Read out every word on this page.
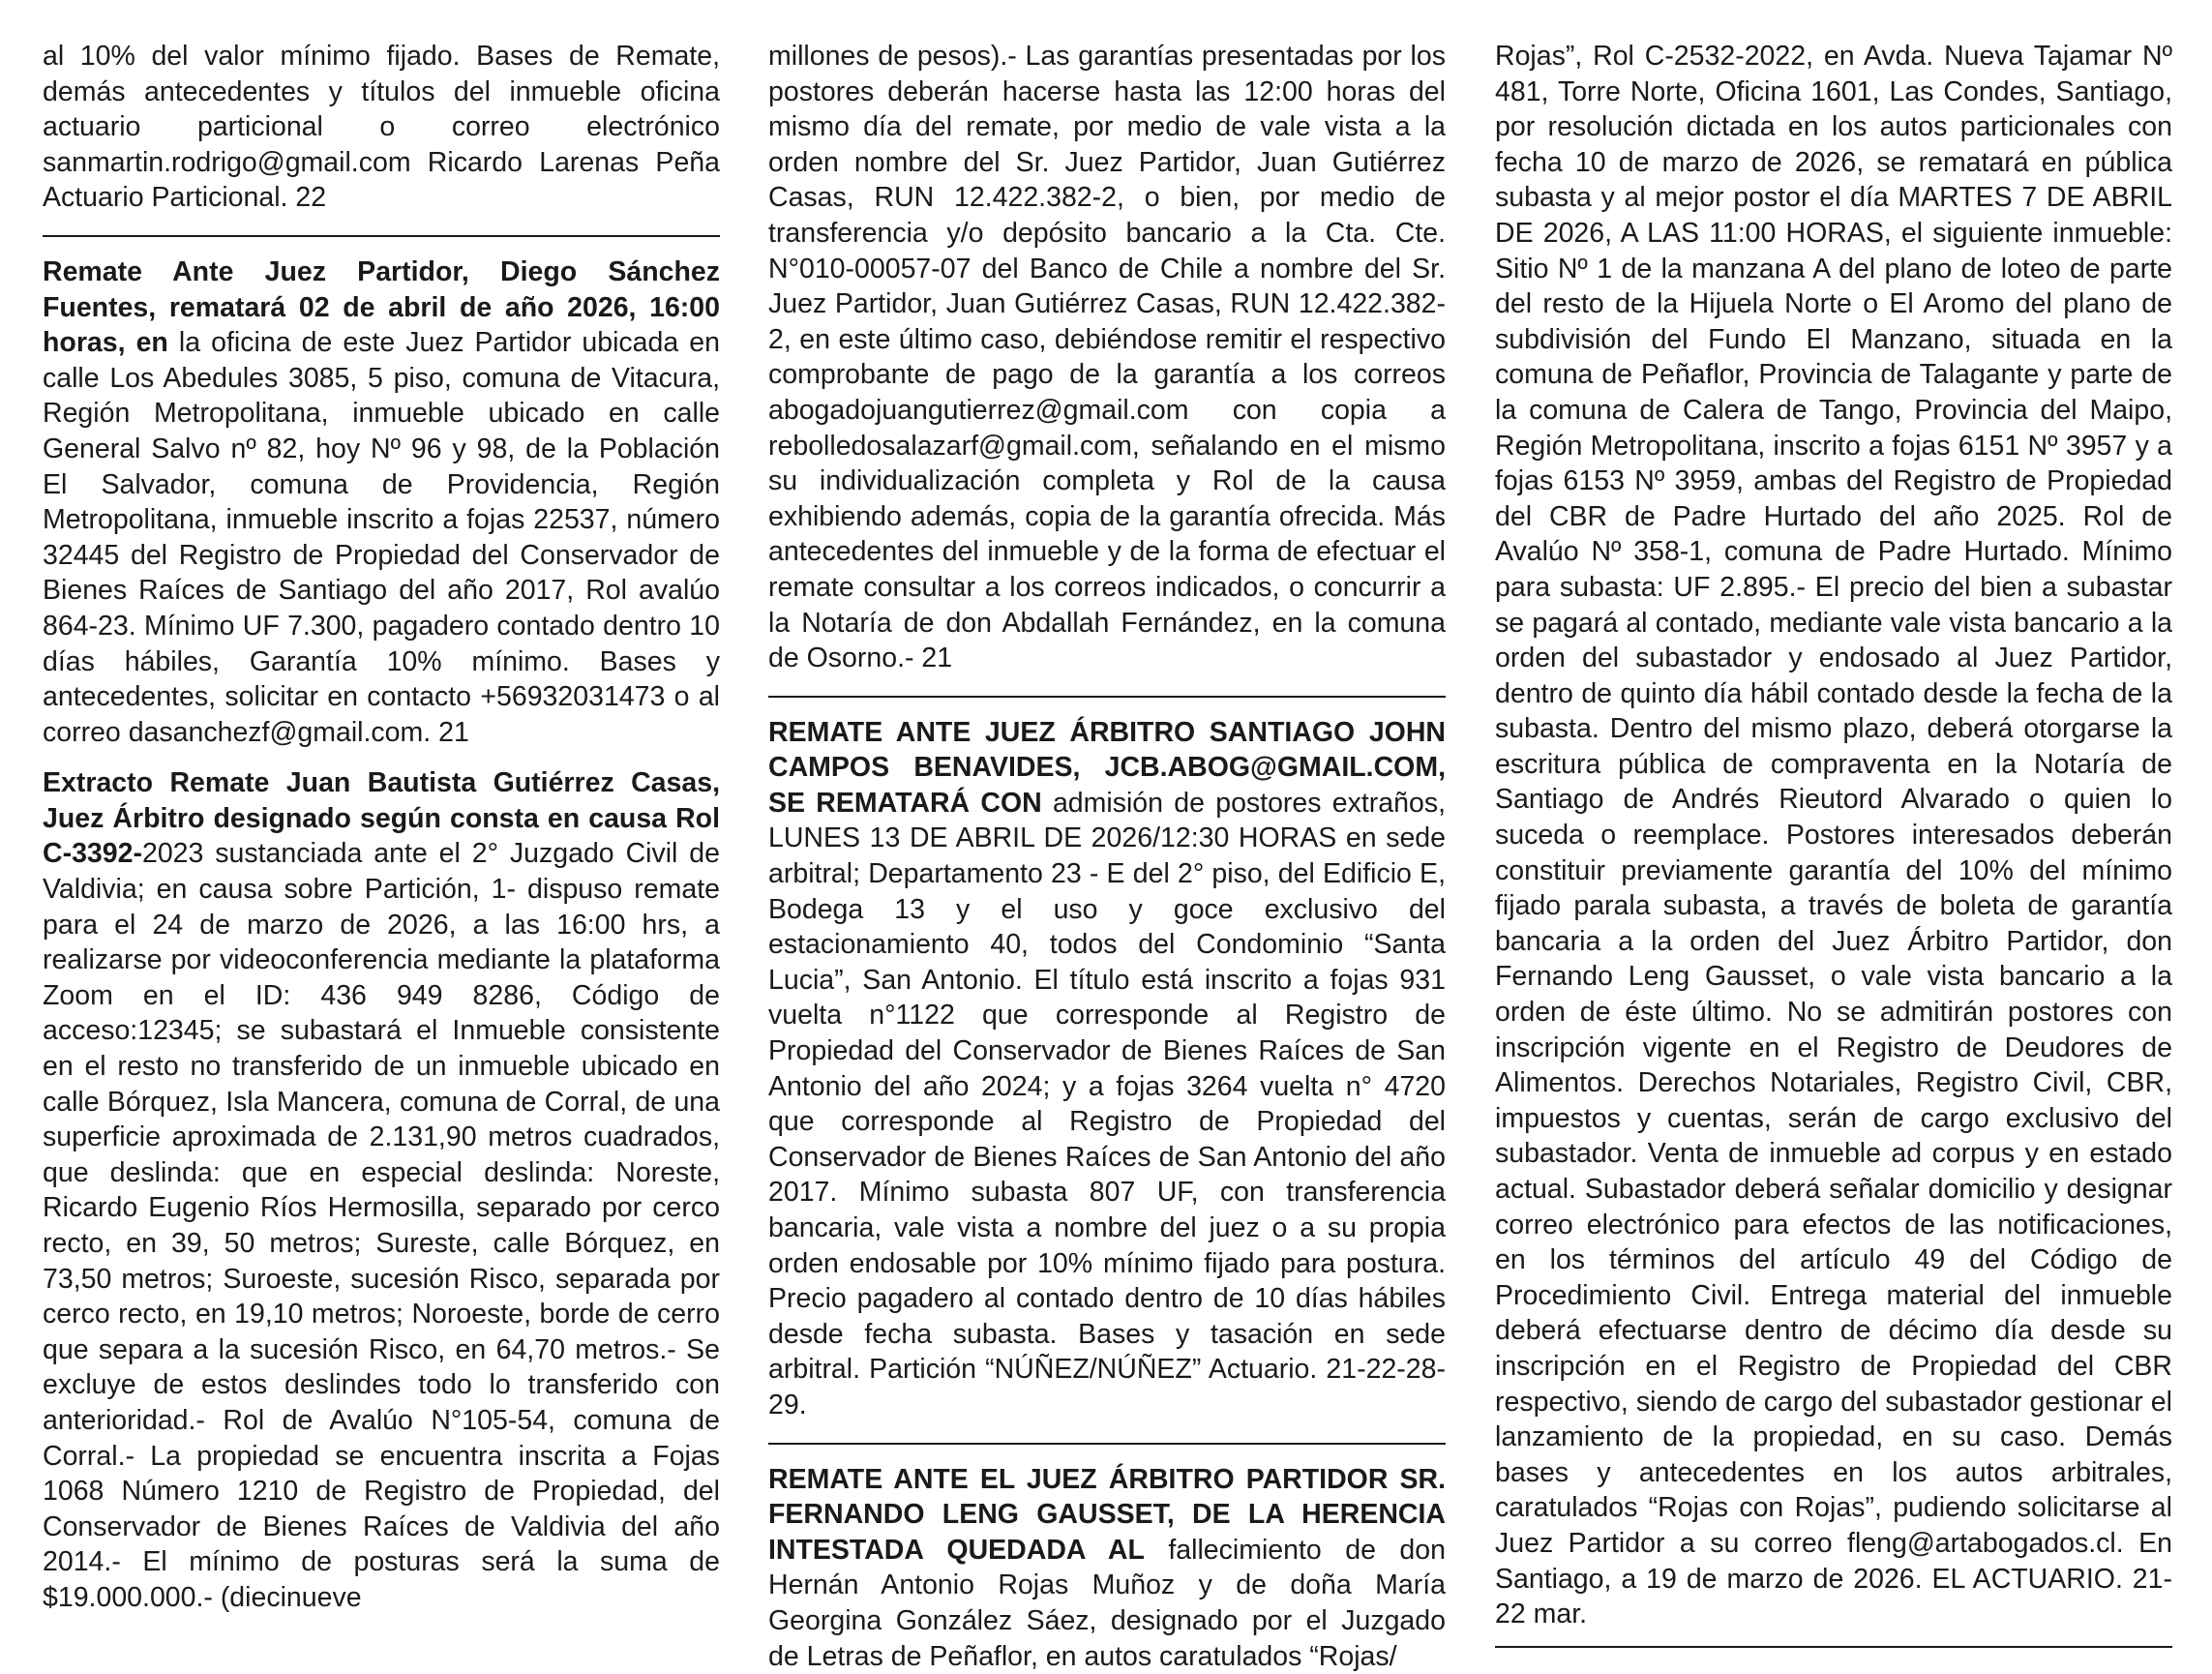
al 10% del valor mínimo fijado. Bases de Remate, demás antecedentes y títulos del inmueble oficina actuario particional o correo electrónico sanmartin.rodrigo@gmail.com Ricardo Larenas Peña Actuario Particional. 22

Remate Ante Juez Partidor, Diego Sánchez Fuentes, rematará 02 de abril de año 2026, 16:00 horas, en la oficina de este Juez Partidor ubicada en calle Los Abedules 3085, 5 piso, comuna de Vitacura, Región Metropolitana, inmueble ubicado en calle General Salvo nº 82, hoy Nº 96 y 98, de la Población El Salvador, comuna de Providencia, Región Metropolitana, inmueble inscrito a fojas 22537, número 32445 del Registro de Propiedad del Conservador de Bienes Raíces de Santiago del año 2017, Rol avalúo 864-23. Mínimo UF 7.300, pagadero contado dentro 10 días hábiles, Garantía 10% mínimo. Bases y antecedentes, solicitar en contacto +56932031473 o al correo dasanchezf@gmail.com. 21

Extracto Remate Juan Bautista Gutiérrez Casas, Juez Árbitro designado según consta en causa Rol C-3392-2023 sustanciada ante el 2° Juzgado Civil de Valdivia; en causa sobre Partición, 1- dispuso remate para el 24 de marzo de 2026, a las 16:00 hrs, a realizarse por videoconferencia mediante la plataforma Zoom en el ID: 436 949 8286, Código de acceso:12345; se subastará el Inmueble consistente en el resto no transferido de un inmueble ubicado en calle Bórquez, Isla Mancera, comuna de Corral, de una superficie aproximada de 2.131,90 metros cuadrados, que deslinda: que en especial deslinda: Noreste, Ricardo Eugenio Ríos Hermosilla, separado por cerco recto, en 39, 50 metros; Sureste, calle Bórquez, en 73,50 metros; Suroeste, sucesión Risco, separada por cerco recto, en 19,10 metros; Noroeste, borde de cerro que separa a la sucesión Risco, en 64,70 metros.- Se excluye de estos deslindes todo lo transferido con anterioridad.- Rol de Avalúo N°105-54, comuna de Corral.- La propiedad se encuentra inscrita a Fojas 1068 Número 1210 de Registro de Propiedad, del Conservador de Bienes Raíces de Valdivia del año 2014.- El mínimo de posturas será la suma de $19.000.000.- (diecinueve

millones de pesos).- Las garantías presentadas por los postores deberán hacerse hasta las 12:00 horas del mismo día del remate, por medio de vale vista a la orden nombre del Sr. Juez Partidor, Juan Gutiérrez Casas, RUN 12.422.382-2, o bien, por medio de transferencia y/o depósito bancario a la Cta. Cte. N°010-00057-07 del Banco de Chile a nombre del Sr. Juez Partidor, Juan Gutiérrez Casas, RUN 12.422.382-2, en este último caso, debiéndose remitir el respectivo comprobante de pago de la garantía a los correos abogadojuangutierrez@gmail.com con copia a rebolledosalazarf@gmail.com, señalando en el mismo su individualización completa y Rol de la causa exhibiendo además, copia de la garantía ofrecida. Más antecedentes del inmueble y de la forma de efectuar el remate consultar a los correos indicados, o concurrir a la Notaría de don Abdallah Fernández, en la comuna de Osorno.- 21

REMATE ANTE JUEZ ÁRBITRO SANTIAGO JOHN CAMPOS BENAVIDES, JCB.ABOG@GMAIL.COM, SE REMATARÁ CON admisión de postores extraños, LUNES 13 DE ABRIL DE 2026/12:30 HORAS en sede arbitral; Departamento 23 - E del 2° piso, del Edificio E, Bodega 13 y el uso y goce exclusivo del estacionamiento 40, todos del Condominio “Santa Lucia”, San Antonio. El título está inscrito a fojas 931 vuelta n°1122 que corresponde al Registro de Propiedad del Conservador de Bienes Raíces de San Antonio del año 2024; y a fojas 3264 vuelta n° 4720 que corresponde al Registro de Propiedad del Conservador de Bienes Raíces de San Antonio del año 2017. Mínimo subasta 807 UF, con transferencia bancaria, vale vista a nombre del juez o a su propia orden endosable por 10% mínimo fijado para postura. Precio pagadero al contado dentro de 10 días hábiles desde fecha subasta. Bases y tasación en sede arbitral. Partición “NÚÑEZ/NÚÑEZ” Actuario. 21-22-28-29.

REMATE ANTE EL JUEZ ÁRBITRO PARTIDOR SR. FERNANDO LENG GAUSSET, DE LA HERENCIA INTESTADA QUEDADA AL fallecimiento de don Hernán Antonio Rojas Muñoz y de doña María Georgina González Sáez, designado por el Juzgado de Letras de Peñaflor, en autos caratulados “Rojas/

Rojas”, Rol C-2532-2022, en Avda. Nueva Tajamar Nº 481, Torre Norte, Oficina 1601, Las Condes, Santiago, por resolución dictada en los autos particionales con fecha 10 de marzo de 2026, se rematará en pública subasta y al mejor postor el día MARTES 7 DE ABRIL DE 2026, A LAS 11:00 HORAS, el siguiente inmueble: Sitio Nº 1 de la manzana A del plano de loteo de parte del resto de la Hijuela Norte o El Aromo del plano de subdivisión del Fundo El Manzano, situada en la comuna de Peñaflor, Provincia de Talagante y parte de la comuna de Calera de Tango, Provincia del Maipo, Región Metropolitana, inscrito a fojas 6151 Nº 3957 y a fojas 6153 Nº 3959, ambas del Registro de Propiedad del CBR de Padre Hurtado del año 2025. Rol de Avalúo Nº 358-1, comuna de Padre Hurtado. Mínimo para subasta: UF 2.895.- El precio del bien a subastar se pagará al contado, mediante vale vista bancario a la orden del subastador y endosado al Juez Partidor, dentro de quinto día hábil contado desde la fecha de la subasta. Dentro del mismo plazo, deberá otorgarse la escritura pública de compraventa en la Notaría de Santiago de Andrés Rieutord Alvarado o quien lo suceda o reemplace. Postores interesados deberán constituir previamente garantía del 10% del mínimo fijado parala subasta, a través de boleta de garantía bancaria a la orden del Juez Árbitro Partidor, don Fernando Leng Gausset, o vale vista bancario a la orden de éste último. No se admitirán postores con inscripción vigente en el Registro de Deudores de Alimentos. Derechos Notariales, Registro Civil, CBR, impuestos y cuentas, serán de cargo exclusivo del subastador. Venta de inmueble ad corpus y en estado actual. Subastador deberá señalar domicilio y designar correo electrónico para efectos de las notificaciones, en los términos del artículo 49 del Código de Procedimiento Civil. Entrega material del inmueble deberá efectuarse dentro de décimo día desde su inscripción en el Registro de Propiedad del CBR respectivo, siendo de cargo del subastador gestionar el lanzamiento de la propiedad, en su caso. Demás bases y antecedentes en los autos arbitrales, caratulados “Rojas con Rojas”, pudiendo solicitarse al Juez Partidor a su correo fleng@artabogados.cl. En Santiago, a 19 de marzo de 2026. EL ACTUARIO. 21-22 mar.
